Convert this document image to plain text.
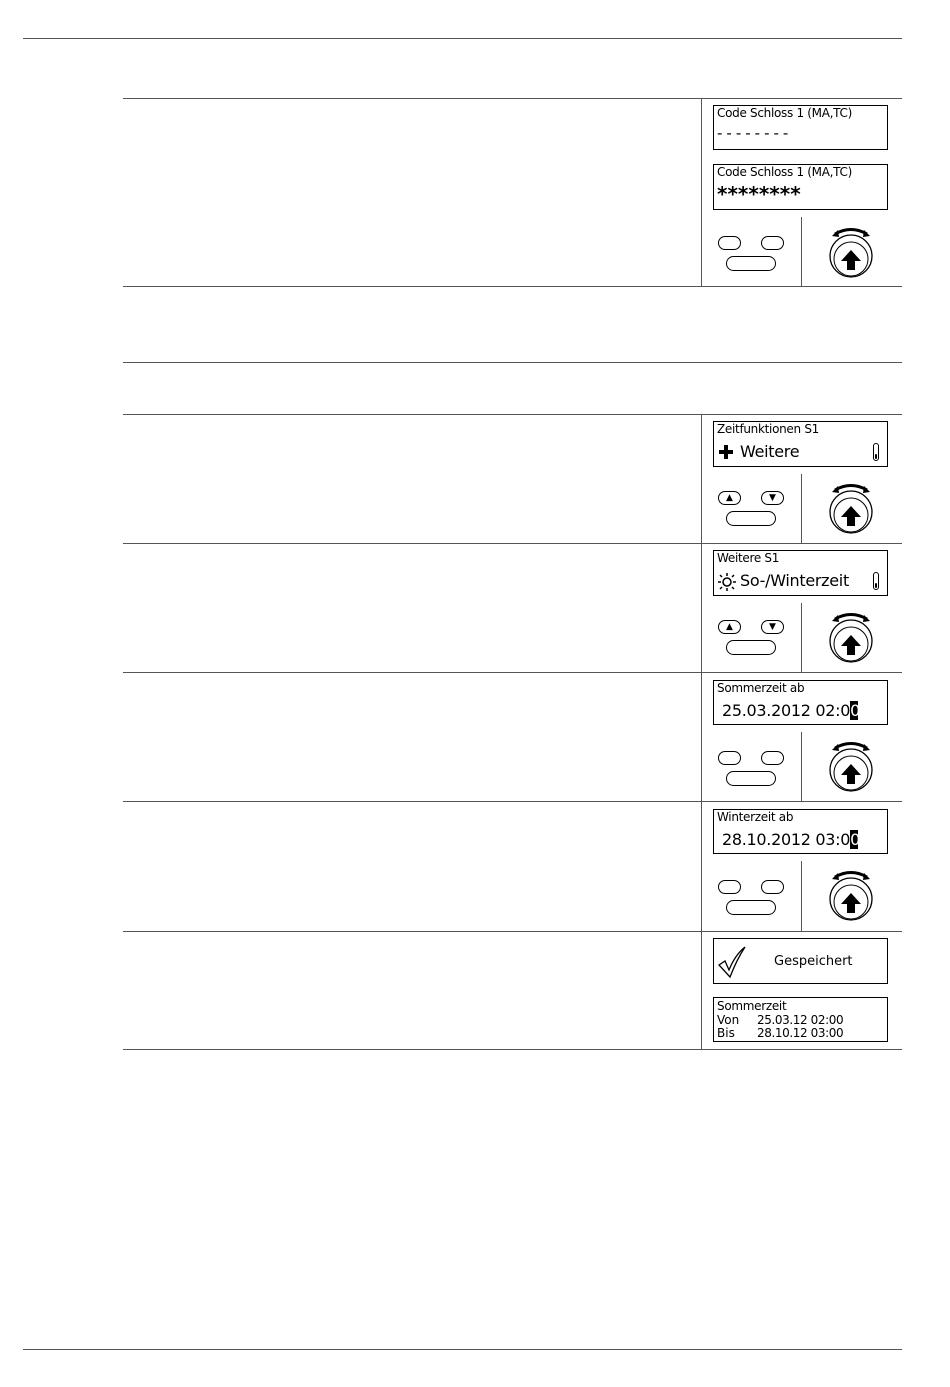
Code Schloss 1 (MA,TC)
--------
Code Schloss 1 (MA,TC)
********
Zeitfunktionen S1
Weitere
▲	▼
Weitere S1
So-/Winterzeit
▲	▼
Sommerzeit ab
25.03.2012 02:00
Winterzeit ab
28.10.2012 03:00
Gespeichert
Sommerzeit
Von 25.03.12 02:00
Bis 28.10.12 03:00
